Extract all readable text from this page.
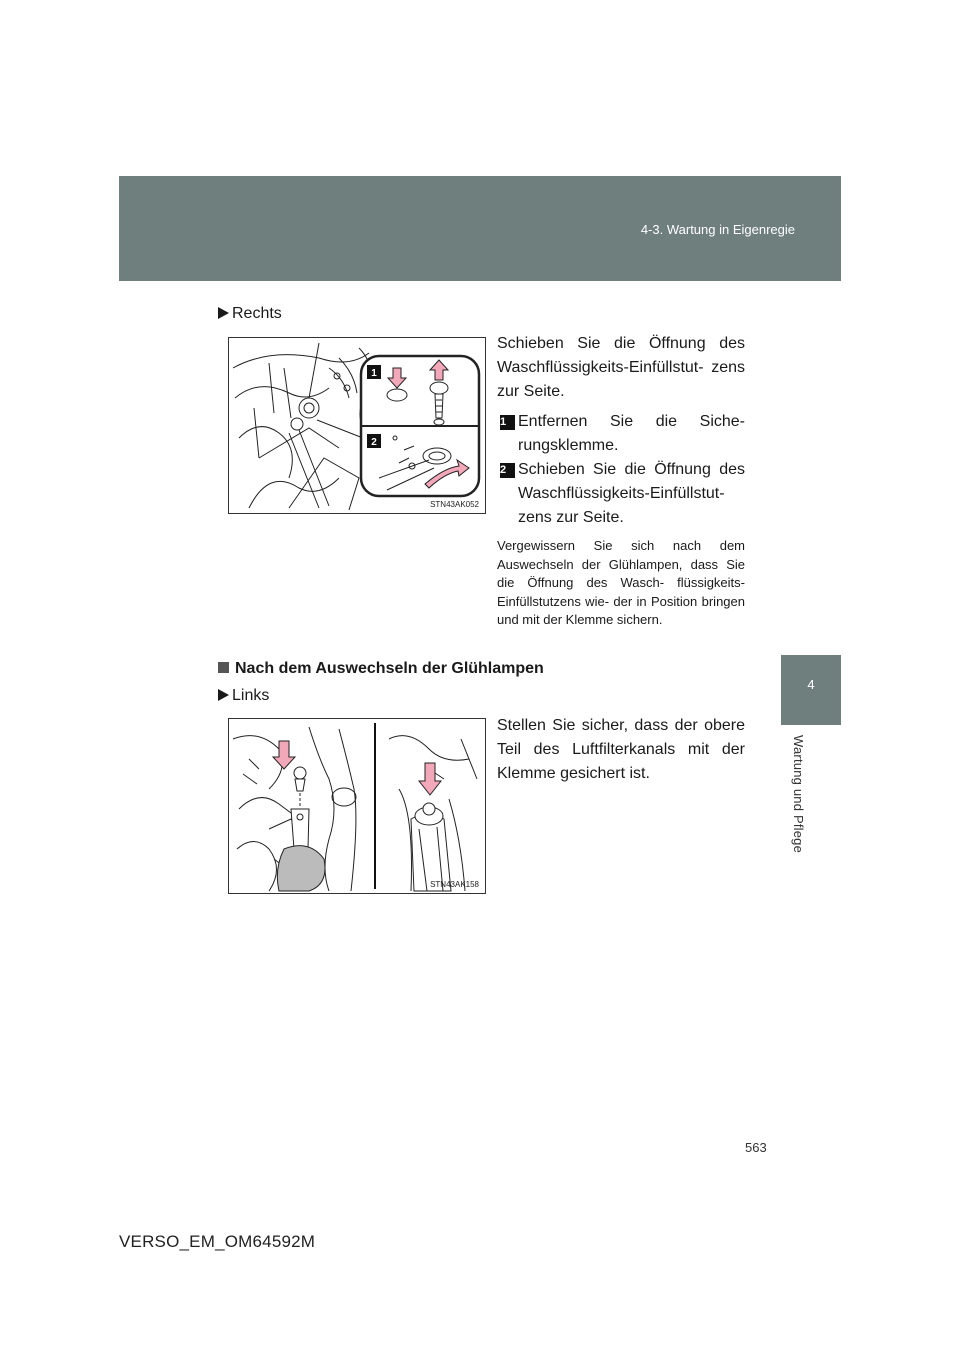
4-3. Wartung in Eigenregie
4
Wartung und Pflege
Rechts
1
2
STN43AK052
Schieben Sie die Öffnung des Waschflüssigkeits-Einfüllstut- zens zur Seite.
1 Entfernen Sie die Siche- rungsklemme.
2 Schieben Sie die Öffnung des Waschflüssigkeits-Einfüllstut- zens zur Seite.
Vergewissern Sie sich nach dem Auswechseln der Glühlampen, dass Sie die Öffnung des Wasch- flüssigkeits-Einfüllstutzens wie- der in Position bringen und mit der Klemme sichern.
Nach dem Auswechseln der Glühlampen
Links
STN43AK158
Stellen Sie sicher, dass der obere Teil des Luftfilterkanals mit der Klemme gesichert ist.
563
VERSO_EM_OM64592M
